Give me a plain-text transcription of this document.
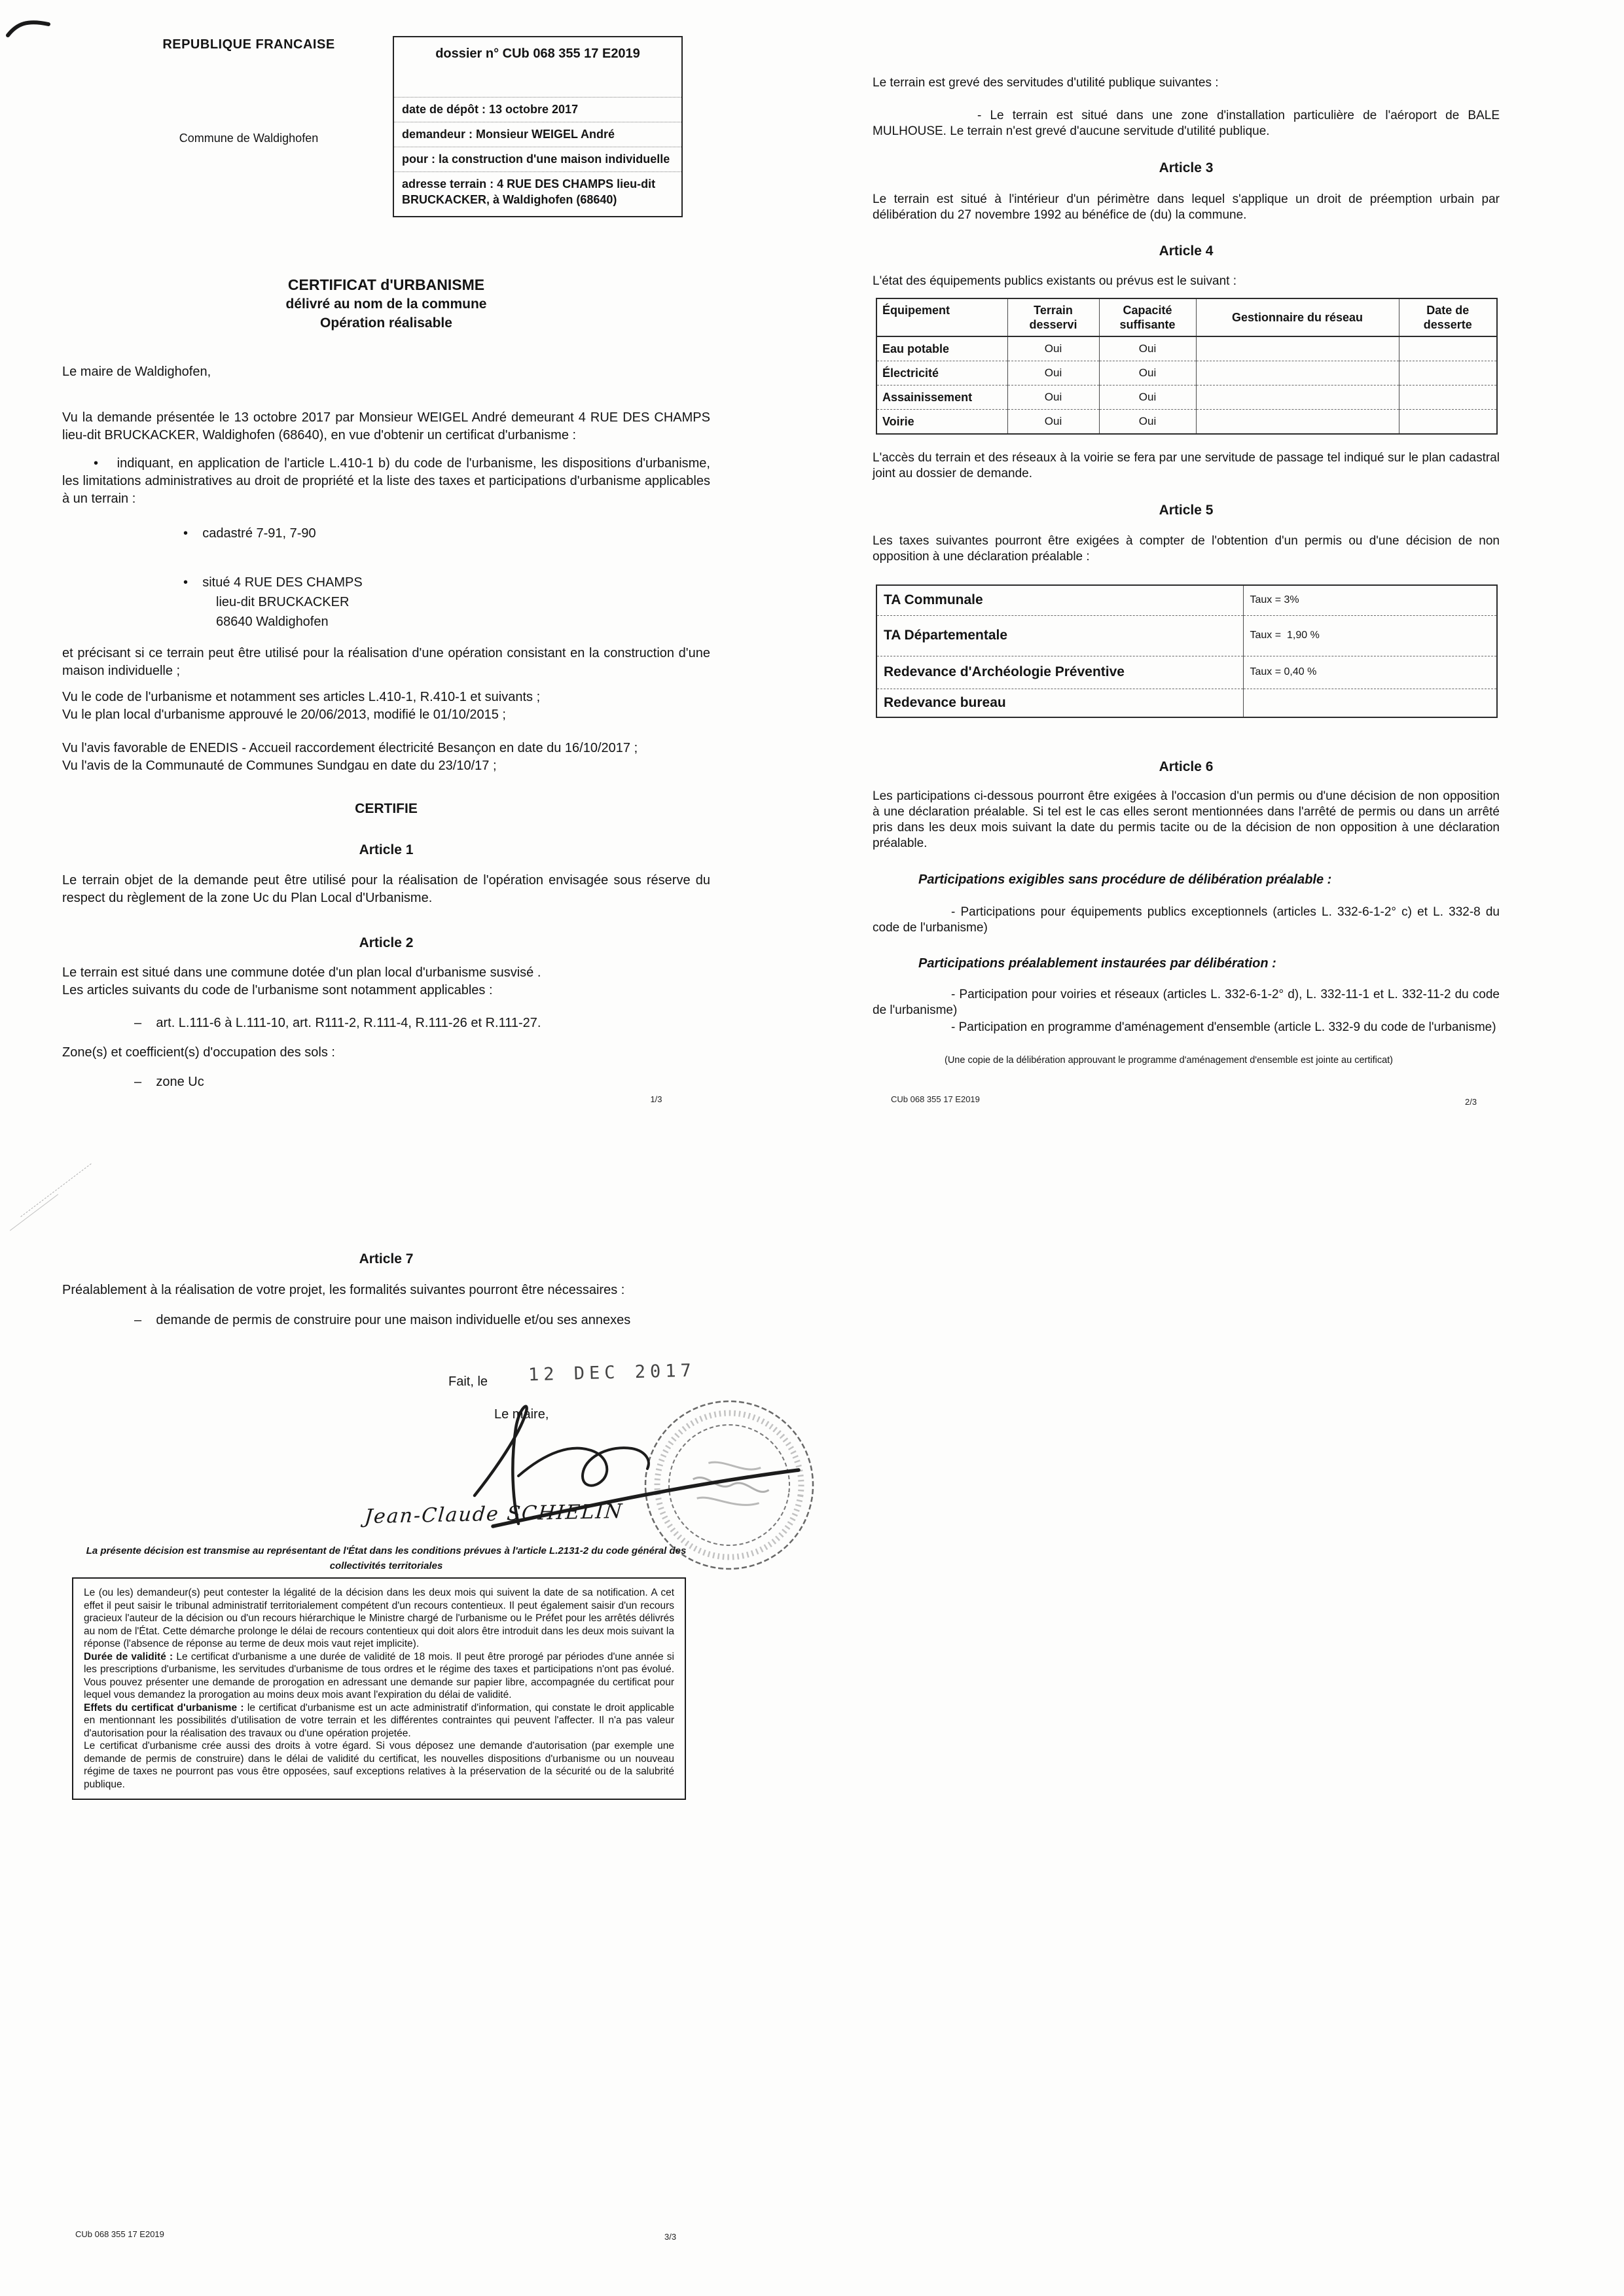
REPUBLIQUE FRANCAISE
Commune de Waldighofen
dossier n° CUb 068 355 17 E2019
date de dépôt : 13 octobre 2017
demandeur : Monsieur WEIGEL André
pour : la construction d'une maison individuelle
adresse terrain : 4 RUE DES CHAMPS lieu-dit BRUCKACKER, à Waldighofen (68640)
CERTIFICAT d'URBANISME
délivré au nom de la commune
Opération réalisable
Le maire de Waldighofen,
Vu la demande présentée le 13 octobre 2017 par Monsieur WEIGEL André demeurant 4 RUE DES CHAMPS lieu-dit BRUCKACKER, Waldighofen (68640), en vue d'obtenir un certificat d'urbanisme :
•    indiquant, en application de l'article L.410-1 b) du code de l'urbanisme, les dispositions d'urbanisme, les limitations administratives au droit de propriété et la liste des taxes et participations d'urbanisme applicables à un terrain :
•    cadastré 7-91, 7-90
•    situé 4 RUE DES CHAMPS
lieu-dit BRUCKACKER
68640 Waldighofen
et précisant si ce terrain peut être utilisé pour la réalisation d'une opération consistant en la construction d'une maison individuelle ;
Vu le code de l'urbanisme et notamment ses articles L.410-1, R.410-1 et suivants ;
Vu le plan local d'urbanisme approuvé le 20/06/2013, modifié le 01/10/2015 ;
Vu l'avis favorable de ENEDIS - Accueil raccordement électricité Besançon en date du 16/10/2017 ;
Vu l'avis de la Communauté de Communes Sundgau en date du 23/10/17 ;
CERTIFIE
Article 1
Le terrain objet de la demande peut être utilisé pour la réalisation de l'opération envisagée sous réserve du respect du règlement de la zone Uc du Plan Local d'Urbanisme.
Article 2
Le terrain est situé dans une commune dotée d'un plan local d'urbanisme susvisé .
Les articles suivants du code de l'urbanisme sont notamment applicables :
–    art. L.111-6 à L.111-10, art. R111-2, R.111-4, R.111-26 et R.111-27.
Zone(s) et coefficient(s) d'occupation des sols :
–    zone Uc
1/3
Le terrain est grevé des servitudes d'utilité publique suivantes :
- Le terrain est situé dans une zone d'installation particulière de l'aéroport de BALE MULHOUSE. Le terrain n'est grevé d'aucune servitude d'utilité publique.
Article 3
Le terrain est situé à l'intérieur d'un périmètre dans lequel s'applique un droit de préemption urbain par délibération du 27 novembre 1992 au bénéfice de (du) la commune.
Article 4
L'état des équipements publics existants ou prévus est le suivant :
Équipement	Terrain desservi	Capacité suffisante	Gestionnaire du réseau	Date de desserte
Eau potable	Oui	Oui		
Électricité	Oui	Oui		
Assainissement	Oui	Oui		
Voirie	Oui	Oui		
L'accès du terrain et des réseaux à la voirie se fera par une servitude de passage tel indiqué sur le plan cadastral joint au dossier de demande.
Article 5
Les taxes suivantes pourront être exigées à compter de l'obtention d'un permis ou d'une décision de non opposition à une déclaration préalable :
TA Communale	Taux = 3%
TA Départementale	Taux =  1,90 %
Redevance d'Archéologie Préventive	Taux = 0,40 %
Redevance bureau	
Article 6
Les participations ci-dessous pourront être exigées à l'occasion d'un permis ou d'une décision de non opposition à une déclaration préalable. Si tel est le cas elles seront mentionnées dans l'arrêté de permis ou dans un arrêté pris dans les deux mois suivant la date du permis tacite ou de la décision de non opposition à une déclaration préalable.
Participations exigibles sans procédure de délibération préalable :
- Participations pour équipements publics exceptionnels (articles L. 332-6-1-2° c) et L. 332-8 du code de l'urbanisme)
Participations préalablement instaurées par délibération :
- Participation pour voiries et réseaux (articles L. 332-6-1-2° d), L. 332-11-1 et L. 332-11-2 du code de l'urbanisme)
- Participation en programme d'aménagement d'ensemble (article L. 332-9 du code de l'urbanisme)
(Une copie de la délibération approuvant le programme d'aménagement d'ensemble est jointe au certificat)
CUb 068 355 17 E2019	2/3
Article 7
Préalablement à la réalisation de votre projet, les formalités suivantes pourront être nécessaires :
–    demande de permis de construire pour une maison individuelle et/ou ses annexes
Fait, le 12 DEC 2017
Le maire,
Jean-Claude SCHIELIN
La présente décision est transmise au représentant de l'État dans les conditions prévues à l'article L.2131-2 du code général des collectivités territoriales

Le (ou les) demandeur(s) peut contester la légalité de la décision dans les deux mois qui suivent la date de sa notification. A cet effet il peut saisir le tribunal administratif territorialement compétent d'un recours contentieux. Il peut également saisir d'un recours gracieux l'auteur de la décision ou d'un recours hiérarchique le Ministre chargé de l'urbanisme ou le Préfet pour les arrêtés délivrés au nom de l'État. Cette démarche prolonge le délai de recours contentieux qui doit alors être introduit dans les deux mois suivant la réponse (l'absence de réponse au terme de deux mois vaut rejet implicite).

Durée de validité : Le certificat d'urbanisme a une durée de validité de 18 mois. Il peut être prorogé par périodes d'une année si les prescriptions d'urbanisme, les servitudes d'urbanisme de tous ordres et le régime des taxes et participations n'ont pas évolué. Vous pouvez présenter une demande de prorogation en adressant une demande sur papier libre, accompagnée du certificat pour lequel vous demandez la prorogation au moins deux mois avant l'expiration du délai de validité.

Effets du certificat d'urbanisme : le certificat d'urbanisme est un acte administratif d'information, qui constate le droit applicable en mentionnant les possibilités d'utilisation de votre terrain et les différentes contraintes qui peuvent l'affecter. Il n'a pas valeur d'autorisation pour la réalisation des travaux ou d'une opération projetée.

Le certificat d'urbanisme crée aussi des droits à votre égard. Si vous déposez une demande d'autorisation (par exemple une demande de permis de construire) dans le délai de validité du certificat, les nouvelles dispositions d'urbanisme ou un nouveau régime de taxes ne pourront pas vous être opposées, sauf exceptions relatives à la préservation de la sécurité ou de la salubrité publique.

CUb 068 355 17 E2019	3/3
